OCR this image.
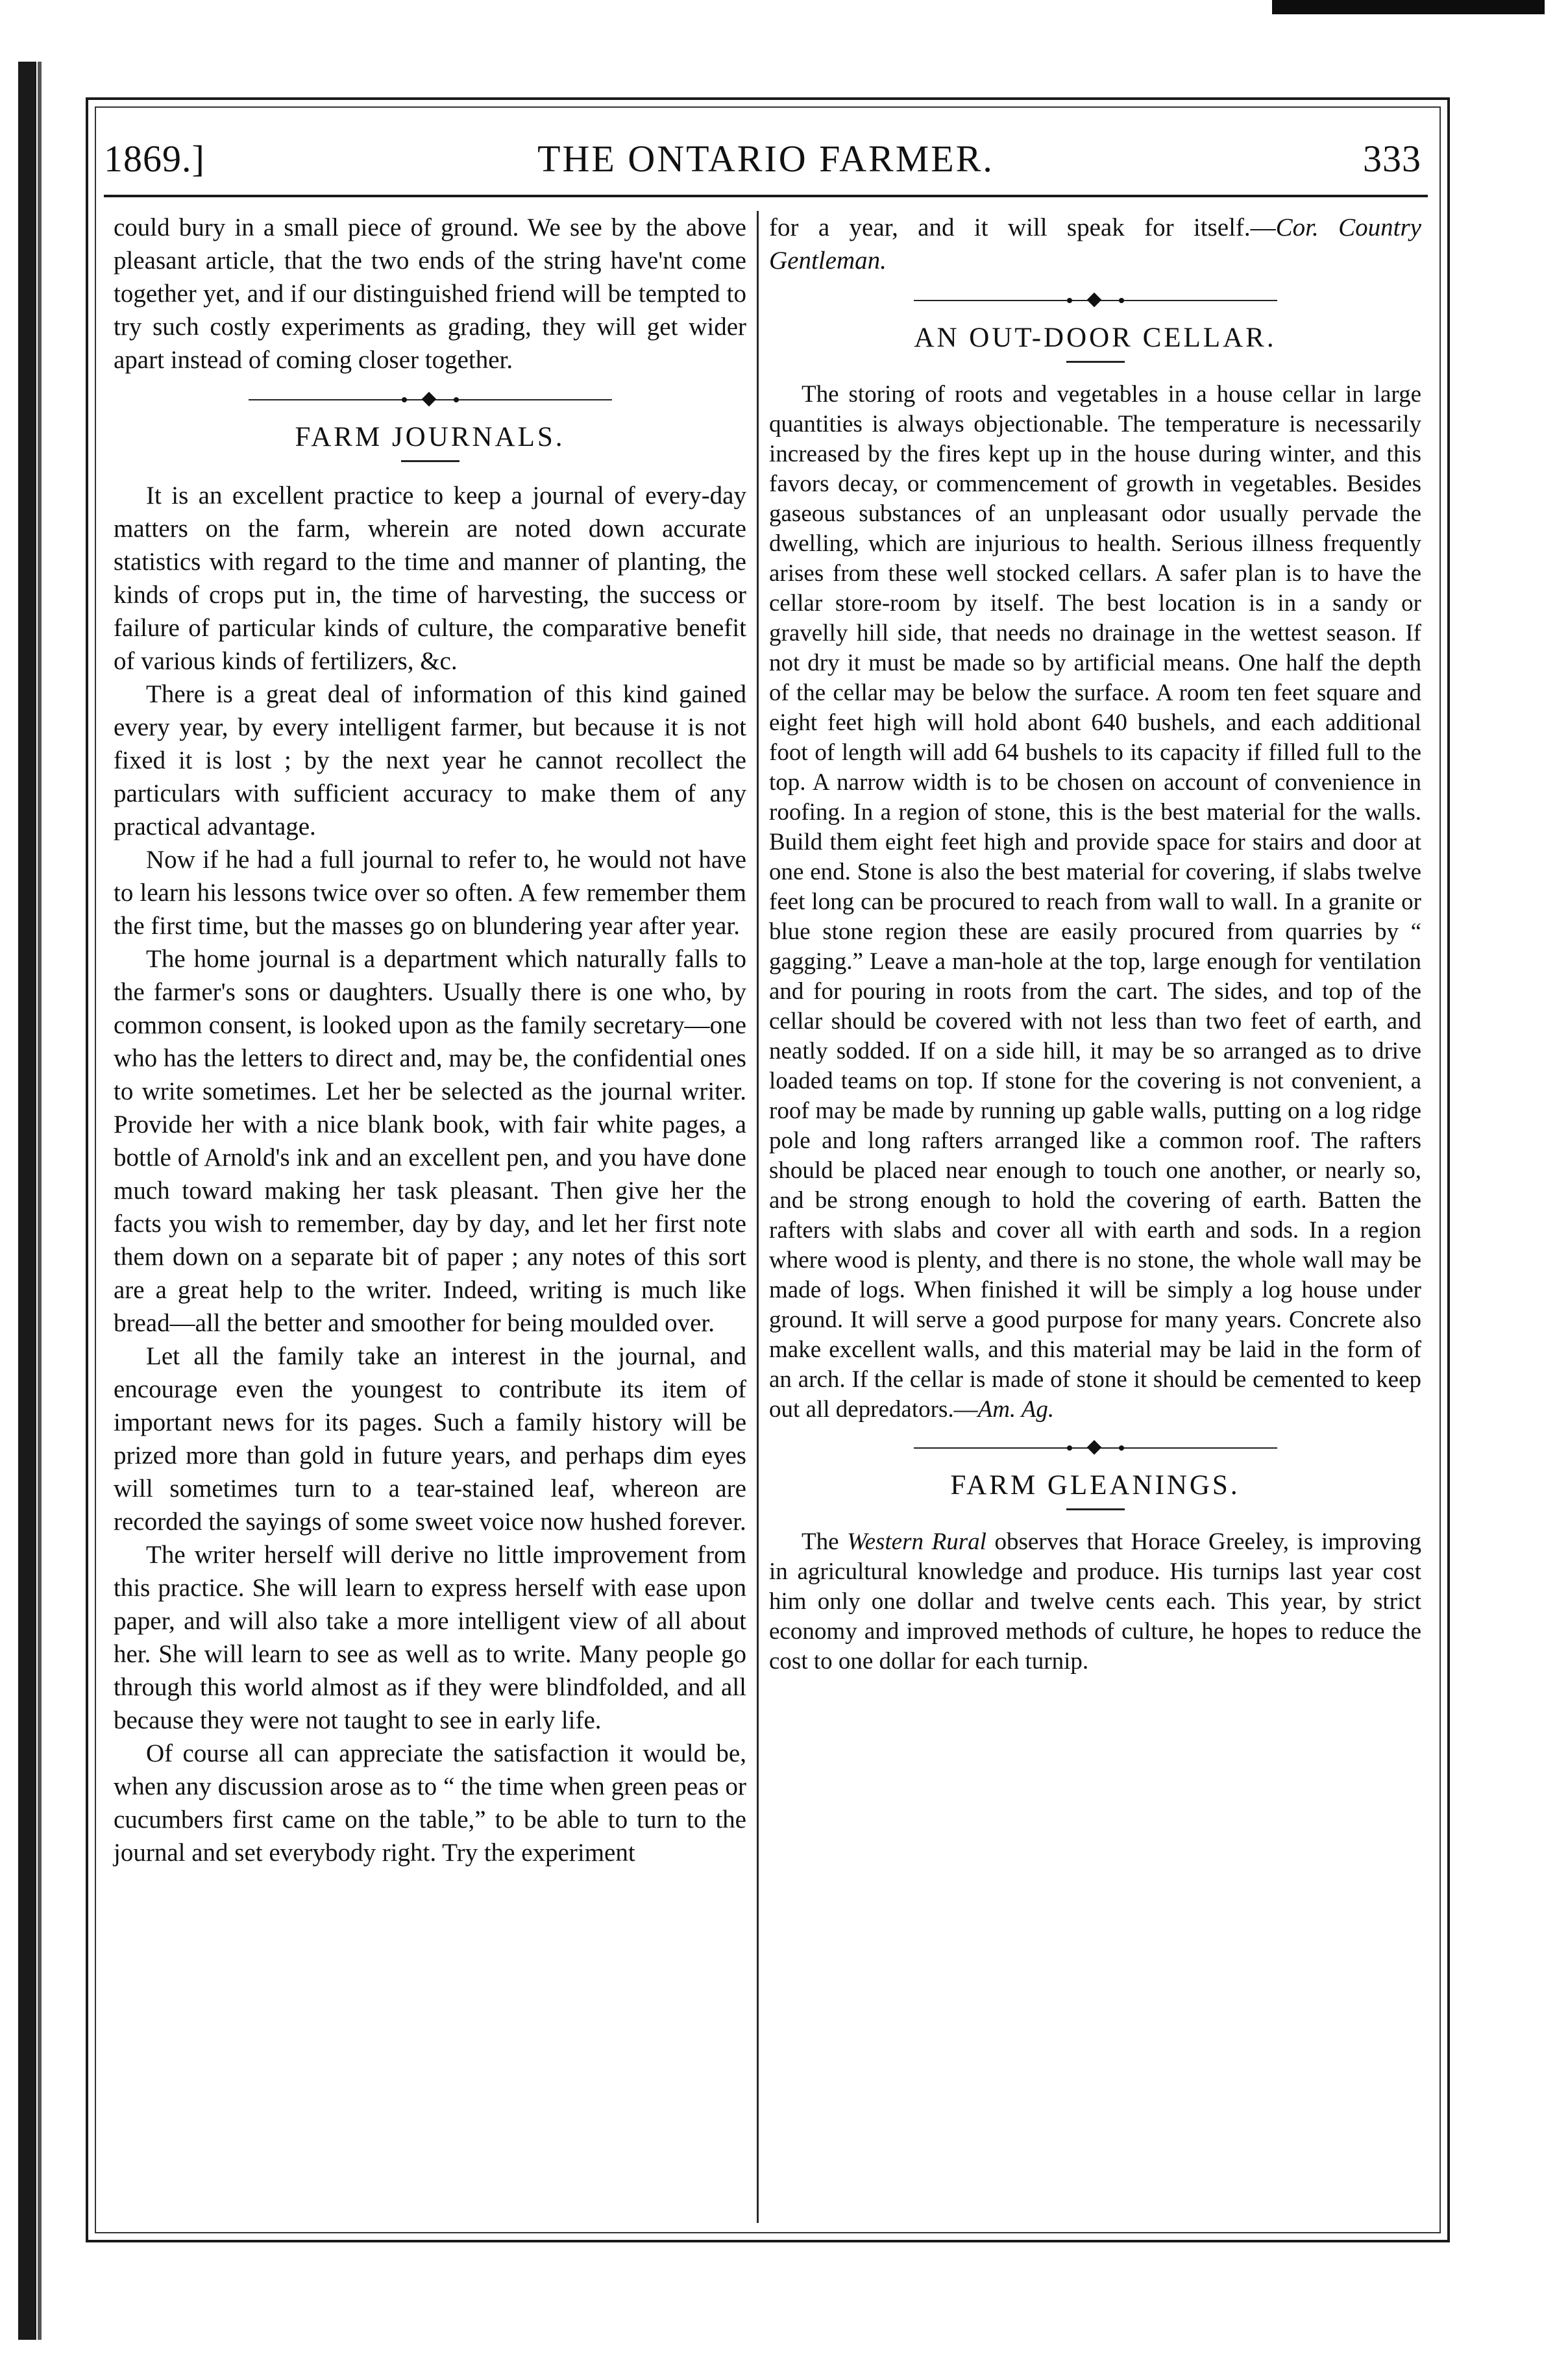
1869.]	THE ONTARIO FARMER.	333

could bury in a small piece of ground. We see by the above pleasant article, that the two ends of the string have'nt come together yet, and if our distinguished friend will be tempted to try such costly experiments as grading, they will get wider apart instead of coming closer together.

FARM JOURNALS.

It is an excellent practice to keep a journal of every-day matters on the farm, wherein are noted down accurate statistics with regard to the time and manner of planting, the kinds of crops put in, the time of harvesting, the success or failure of particular kinds of culture, the comparative benefit of various kinds of fertilizers, &c.

There is a great deal of information of this kind gained every year, by every intelligent farmer, but because it is not fixed it is lost ; by the next year he cannot recollect the particulars with sufficient accuracy to make them of any practical advantage.

Now if he had a full journal to refer to, he would not have to learn his lessons twice over so often. A few remember them the first time, but the masses go on blundering year after year.

The home journal is a department which naturally falls to the farmer's sons or daughters. Usually there is one who, by common consent, is looked upon as the family secretary—one who has the letters to direct and, may be, the confidential ones to write sometimes. Let her be selected as the journal writer. Provide her with a nice blank book, with fair white pages, a bottle of Arnold's ink and an excellent pen, and you have done much toward making her task pleasant. Then give her the facts you wish to remember, day by day, and let her first note them down on a separate bit of paper ; any notes of this sort are a great help to the writer. Indeed, writing is much like bread—all the better and smoother for being moulded over.

Let all the family take an interest in the journal, and encourage even the youngest to contribute its item of important news for its pages. Such a family history will be prized more than gold in future years, and perhaps dim eyes will sometimes turn to a tear-stained leaf, whereon are recorded the sayings of some sweet voice now hushed forever.

The writer herself will derive no little improvement from this practice. She will learn to express herself with ease upon paper, and will also take a more intelligent view of all about her. She will learn to see as well as to write. Many people go through this world almost as if they were blindfolded, and all because they were not taught to see in early life.

Of course all can appreciate the satisfaction it would be, when any discussion arose as to “ the time when green peas or cucumbers first came on the table,” to be able to turn to the journal and set everybody right. Try the experiment

for a year, and it will speak for itself.—Cor. Country Gentleman.

AN OUT-DOOR CELLAR.

The storing of roots and vegetables in a house cellar in large quantities is always objectionable. The temperature is necessarily increased by the fires kept up in the house during winter, and this favors decay, or commencement of growth in vegetables. Besides gaseous substances of an unpleasant odor usually pervade the dwelling, which are injurious to health. Serious illness frequently arises from these well stocked cellars. A safer plan is to have the cellar store-room by itself. The best location is in a sandy or gravelly hill side, that needs no drainage in the wettest season. If not dry it must be made so by artificial means. One half the depth of the cellar may be below the surface. A room ten feet square and eight feet high will hold abont 640 bushels, and each additional foot of length will add 64 bushels to its capacity if filled full to the top. A narrow width is to be chosen on account of convenience in roofing. In a region of stone, this is the best material for the walls. Build them eight feet high and provide space for stairs and door at one end. Stone is also the best material for covering, if slabs twelve feet long can be procured to reach from wall to wall. In a granite or blue stone region these are easily procured from quarries by “ gagging.” Leave a man-hole at the top, large enough for ventilation and for pouring in roots from the cart. The sides, and top of the cellar should be covered with not less than two feet of earth, and neatly sodded. If on a side hill, it may be so arranged as to drive loaded teams on top. If stone for the covering is not convenient, a roof may be made by running up gable walls, putting on a log ridge pole and long rafters arranged like a common roof. The rafters should be placed near enough to touch one another, or nearly so, and be strong enough to hold the covering of earth. Batten the rafters with slabs and cover all with earth and sods. In a region where wood is plenty, and there is no stone, the whole wall may be made of logs. When finished it will be simply a log house under ground. It will serve a good purpose for many years. Concrete also make excellent walls, and this material may be laid in the form of an arch. If the cellar is made of stone it should be cemented to keep out all depredators.—Am. Ag.

FARM GLEANINGS.

The Western Rural observes that Horace Greeley, is improving in agricultural knowledge and produce. His turnips last year cost him only one dollar and twelve cents each. This year, by strict economy and improved methods of culture, he hopes to reduce the cost to one dollar for each turnip.
